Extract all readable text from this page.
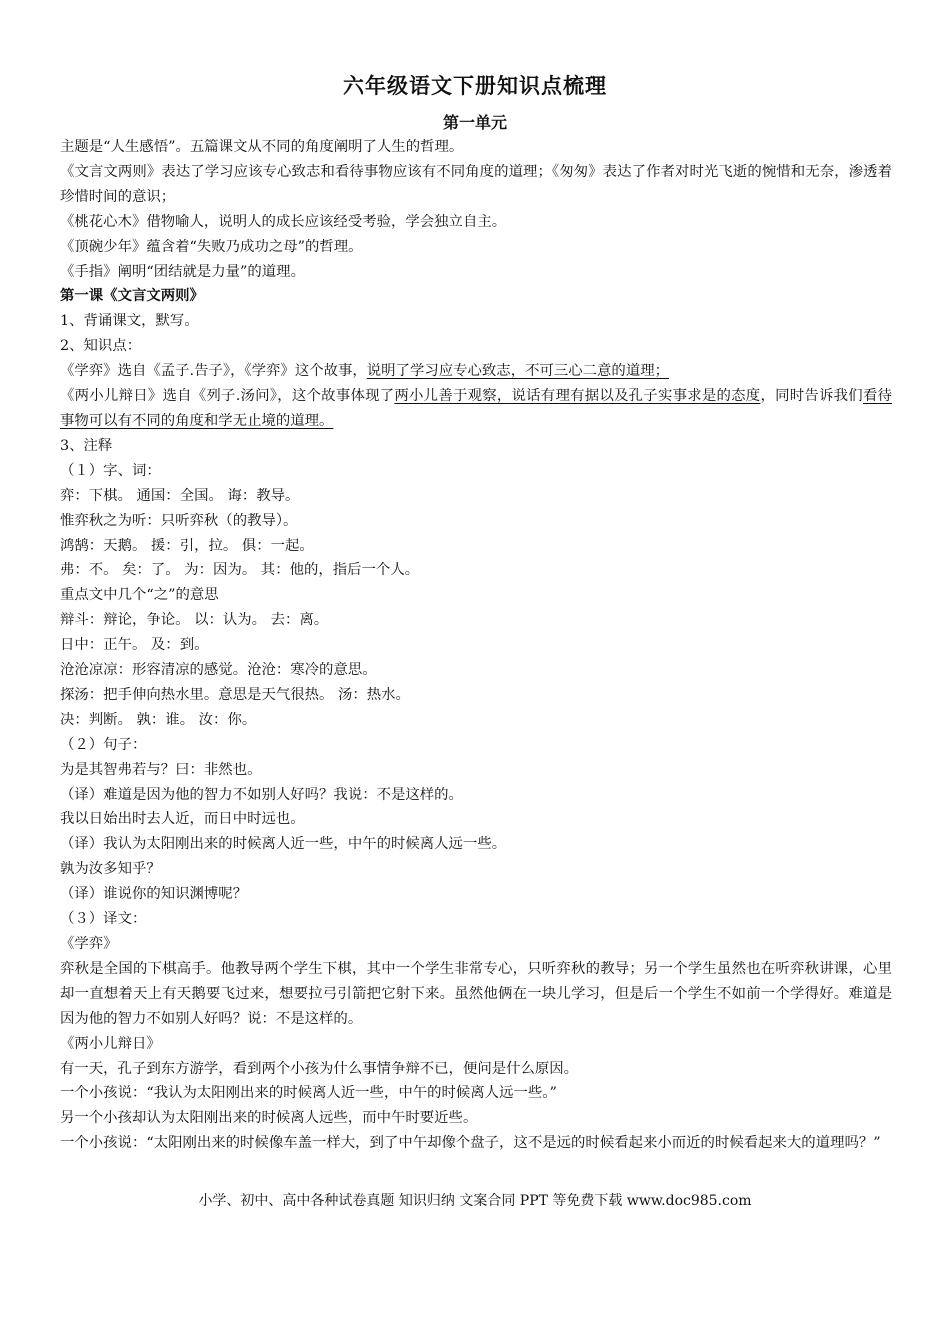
六年级语文下册知识点梳理
第一单元

主题是“人生感悟”。五篇课文从不同的角度阐明了人生的哲理。

《文言文两则》表达了学习应该专心致志和看待事物应该有不同角度的道理；《匆匆》表达了作者对时光飞逝的惋惜和无奈，渗透着珍惜时间的意识；

《桃花心木》借物喻人，说明人的成长应该经受考验，学会独立自主。

《顶碗少年》蕴含着“失败乃成功之母”的哲理。

《手指》阐明“团结就是力量”的道理。

第一课《文言文两则》

1、背诵课文，默写。

2、知识点：

《学弈》选自《孟子.告子》，《学弈》这个故事，说明了学习应专心致志，不可三心二意的道理；

《两小儿辩日》选自《列子.汤问》，这个故事体现了两小儿善于观察，说话有理有据以及孔子实事求是的态度，同时告诉我们看待事物可以有不同的角度和学无止境的道理。

3、注释

（１）字、词：

弈：下棋。 通国：全国。 诲：教导。

惟弈秋之为听：只听弈秋（的教导）。

鸿鹄：天鹅。 援：引，拉。 俱：一起。

弗：不。 矣：了。 为：因为。 其：他的，指后一个人。

重点文中几个“之”的意思

辩斗：辩论，争论。 以：认为。 去：离。

日中：正午。 及：到。

沧沧凉凉：形容清凉的感觉。沧沧：寒冷的意思。

探汤：把手伸向热水里。意思是天气很热。 汤：热水。

决：判断。 孰：谁。 汝：你。

（２）句子：

为是其智弗若与？曰：非然也。

（译）难道是因为他的智力不如别人好吗？我说：不是这样的。

我以日始出时去人近，而日中时远也。

（译）我认为太阳刚出来的时候离人近一些，中午的时候离人远一些。

孰为汝多知乎？

（译）谁说你的知识渊博呢？

（３）译文：

《学弈》

弈秋是全国的下棋高手。他教导两个学生下棋，其中一个学生非常专心，只听弈秋的教导；另一个学生虽然也在听弈秋讲课，心里却一直想着天上有天鹅要飞过来，想要拉弓引箭把它射下来。虽然他俩在一块儿学习，但是后一个学生不如前一个学得好。难道是因为他的智力不如别人好吗？说：不是这样的。

《两小儿辩日》

有一天，孔子到东方游学，看到两个小孩为什么事情争辩不已，便问是什么原因。

一个小孩说：“我认为太阳刚出来的时候离人近一些，中午的时候离人远一些。”

另一个小孩却认为太阳刚出来的时候离人远些，而中午时要近些。

一个小孩说：“太阳刚出来的时候像车盖一样大，到了中午却像个盘子，这不是远的时候看起来小而近的时候看起来大的道理吗？”

小学、初中、高中各种试卷真题 知识归纳 文案合同 PPT 等免费下载 www.doc985.com
